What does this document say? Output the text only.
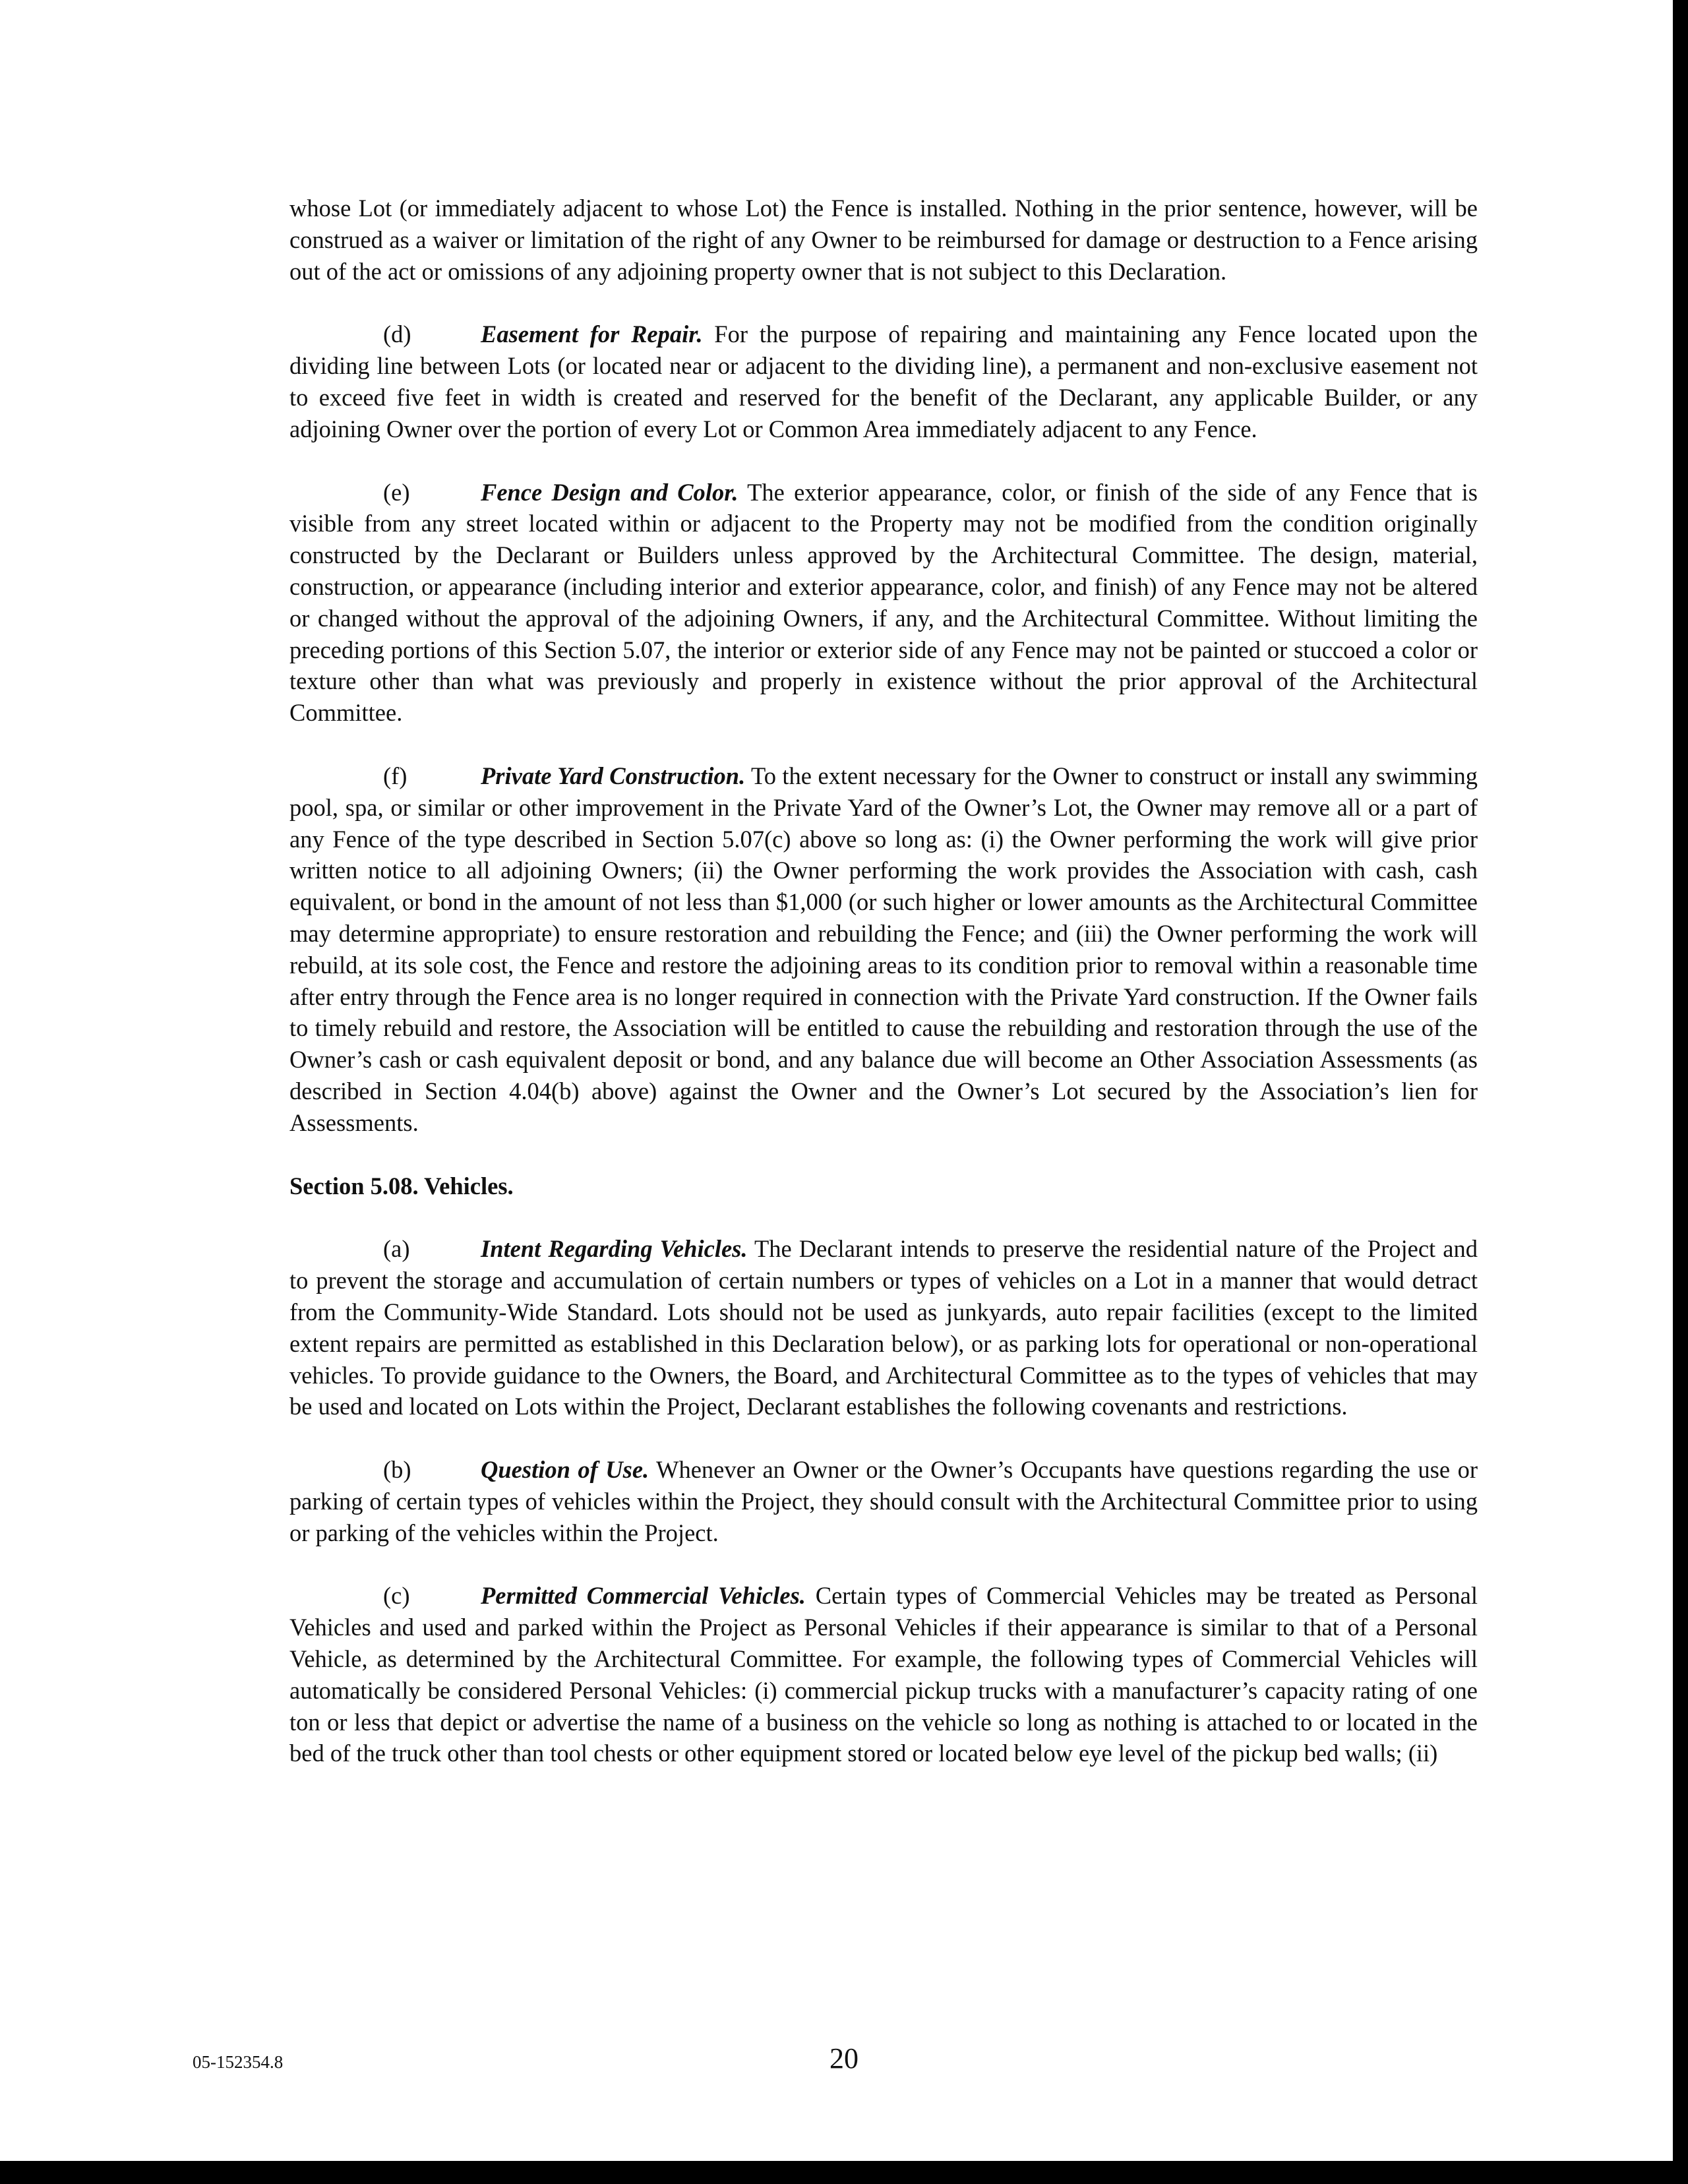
whose Lot (or immediately adjacent to whose Lot) the Fence is installed. Nothing in the prior sentence, however, will be construed as a waiver or limitation of the right of any Owner to be reimbursed for damage or destruction to a Fence arising out of the act or omissions of any adjoining property owner that is not subject to this Declaration.

(d)	Easement for Repair. For the purpose of repairing and maintaining any Fence located upon the dividing line between Lots (or located near or adjacent to the dividing line), a permanent and non-exclusive easement not to exceed five feet in width is created and reserved for the benefit of the Declarant, any applicable Builder, or any adjoining Owner over the portion of every Lot or Common Area immediately adjacent to any Fence.

(e)	Fence Design and Color. The exterior appearance, color, or finish of the side of any Fence that is visible from any street located within or adjacent to the Property may not be modified from the condition originally constructed by the Declarant or Builders unless approved by the Architectural Committee. The design, material, construction, or appearance (including interior and exterior appearance, color, and finish) of any Fence may not be altered or changed without the approval of the adjoining Owners, if any, and the Architectural Committee. Without limiting the preceding portions of this Section 5.07, the interior or exterior side of any Fence may not be painted or stuccoed a color or texture other than what was previously and properly in existence without the prior approval of the Architectural Committee.

(f)	Private Yard Construction. To the extent necessary for the Owner to construct or install any swimming pool, spa, or similar or other improvement in the Private Yard of the Owner’s Lot, the Owner may remove all or a part of any Fence of the type described in Section 5.07(c) above so long as: (i) the Owner performing the work will give prior written notice to all adjoining Owners; (ii) the Owner performing the work provides the Association with cash, cash equivalent, or bond in the amount of not less than $1,000 (or such higher or lower amounts as the Architectural Committee may determine appropriate) to ensure restoration and rebuilding the Fence; and (iii) the Owner performing the work will rebuild, at its sole cost, the Fence and restore the adjoining areas to its condition prior to removal within a reasonable time after entry through the Fence area is no longer required in connection with the Private Yard construction. If the Owner fails to timely rebuild and restore, the Association will be entitled to cause the rebuilding and restoration through the use of the Owner’s cash or cash equivalent deposit or bond, and any balance due will become an Other Association Assessments (as described in Section 4.04(b) above) against the Owner and the Owner’s Lot secured by the Association’s lien for Assessments.

Section 5.08. Vehicles.

(a)	Intent Regarding Vehicles. The Declarant intends to preserve the residential nature of the Project and to prevent the storage and accumulation of certain numbers or types of vehicles on a Lot in a manner that would detract from the Community-Wide Standard. Lots should not be used as junkyards, auto repair facilities (except to the limited extent repairs are permitted as established in this Declaration below), or as parking lots for operational or non-operational vehicles. To provide guidance to the Owners, the Board, and Architectural Committee as to the types of vehicles that may be used and located on Lots within the Project, Declarant establishes the following covenants and restrictions.

(b)	Question of Use. Whenever an Owner or the Owner’s Occupants have questions regarding the use or parking of certain types of vehicles within the Project, they should consult with the Architectural Committee prior to using or parking of the vehicles within the Project.

(c)	Permitted Commercial Vehicles. Certain types of Commercial Vehicles may be treated as Personal Vehicles and used and parked within the Project as Personal Vehicles if their appearance is similar to that of a Personal Vehicle, as determined by the Architectural Committee. For example, the following types of Commercial Vehicles will automatically be considered Personal Vehicles: (i) commercial pickup trucks with a manufacturer’s capacity rating of one ton or less that depict or advertise the name of a business on the vehicle so long as nothing is attached to or located in the bed of the truck other than tool chests or other equipment stored or located below eye level of the pickup bed walls; (ii)

05-152354.8	20
